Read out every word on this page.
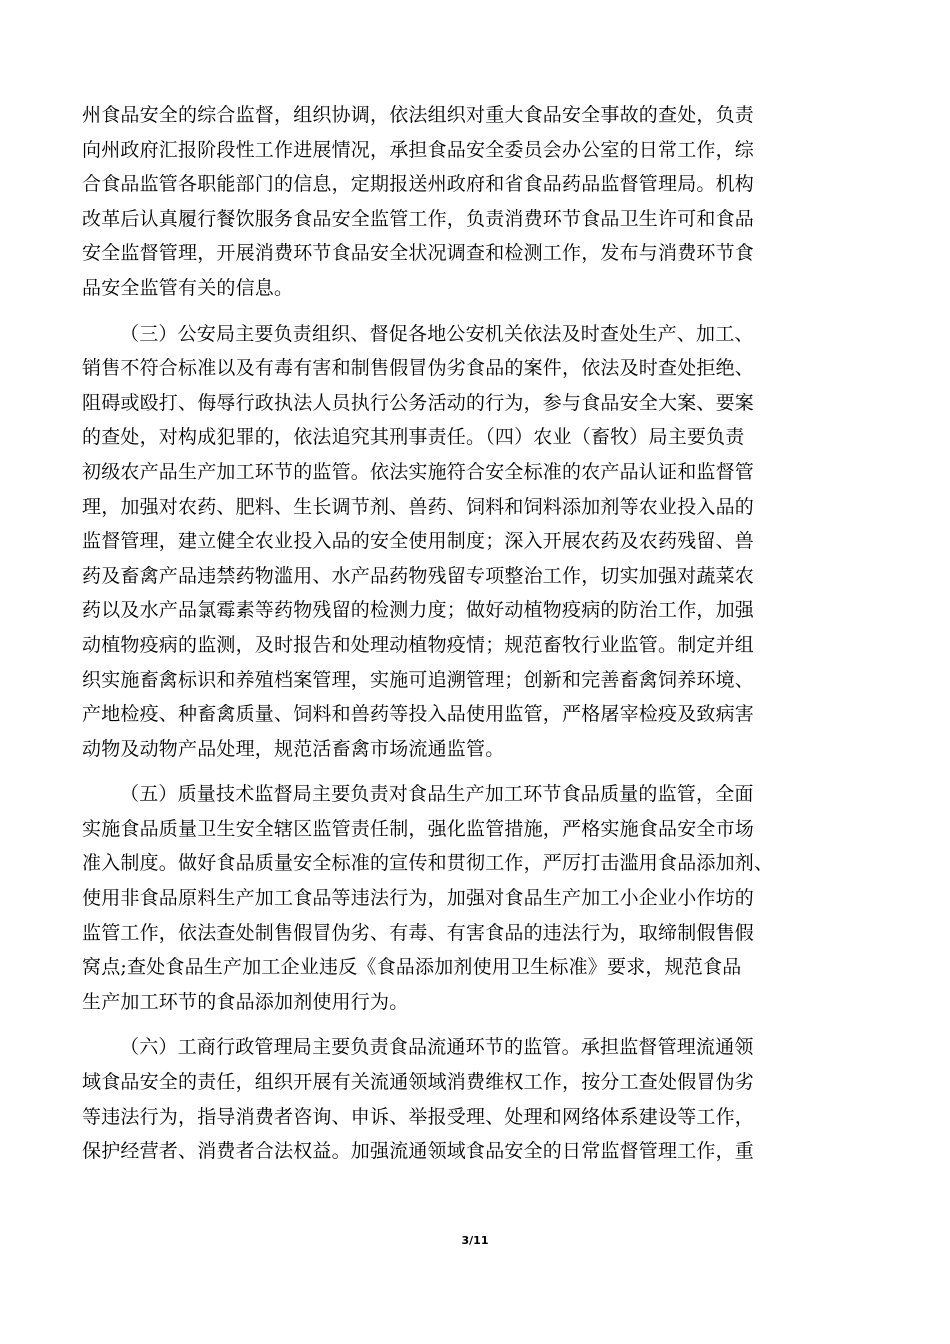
州食品安全的综合监督，组织协调，依法组织对重大食品安全事故的查处，负责
向州政府汇报阶段性工作进展情况，承担食品安全委员会办公室的日常工作，综
合食品监管各职能部门的信息，定期报送州政府和省食品药品监督管理局。机构
改革后认真履行餐饮服务食品安全监管工作，负责消费环节食品卫生许可和食品
安全监督管理，开展消费环节食品安全状况调查和检测工作，发布与消费环节食
品安全监管有关的信息。

（三）公安局主要负责组织、督促各地公安机关依法及时查处生产、加工、
销售不符合标准以及有毒有害和制售假冒伪劣食品的案件，依法及时查处拒绝、
阻碍或殴打、侮辱行政执法人员执行公务活动的行为，参与食品安全大案、要案
的查处，对构成犯罪的，依法追究其刑事责任。（四）农业（畜牧）局主要负责
初级农产品生产加工环节的监管。依法实施符合安全标准的农产品认证和监督管
理，加强对农药、肥料、生长调节剂、兽药、饲料和饲料添加剂等农业投入品的
监督管理，建立健全农业投入品的安全使用制度；深入开展农药及农药残留、兽
药及畜禽产品违禁药物滥用、水产品药物残留专项整治工作，切实加强对蔬菜农
药以及水产品氯霉素等药物残留的检测力度；做好动植物疫病的防治工作，加强
动植物疫病的监测，及时报告和处理动植物疫情；规范畜牧行业监管。制定并组
织实施畜禽标识和养殖档案管理，实施可追溯管理；创新和完善畜禽饲养环境、
产地检疫、种畜禽质量、饲料和兽药等投入品使用监管，严格屠宰检疫及致病害
动物及动物产品处理，规范活畜禽市场流通监管。

（五）质量技术监督局主要负责对食品生产加工环节食品质量的监管，全面
实施食品质量卫生安全辖区监管责任制，强化监管措施，严格实施食品安全市场
准入制度。做好食品质量安全标准的宣传和贯彻工作，严厉打击滥用食品添加剂、
使用非食品原料生产加工食品等违法行为，加强对食品生产加工小企业小作坊的
监管工作，依法查处制售假冒伪劣、有毒、有害食品的违法行为，取缔制假售假
窝点;查处食品生产加工企业违反《食品添加剂使用卫生标准》要求，规范食品
生产加工环节的食品添加剂使用行为。

（六）工商行政管理局主要负责食品流通环节的监管。承担监督管理流通领
域食品安全的责任，组织开展有关流通领域消费维权工作，按分工查处假冒伪劣
等违法行为，指导消费者咨询、申诉、举报受理、处理和网络体系建设等工作，
保护经营者、消费者合法权益。加强流通领域食品安全的日常监督管理工作，重

3/11
